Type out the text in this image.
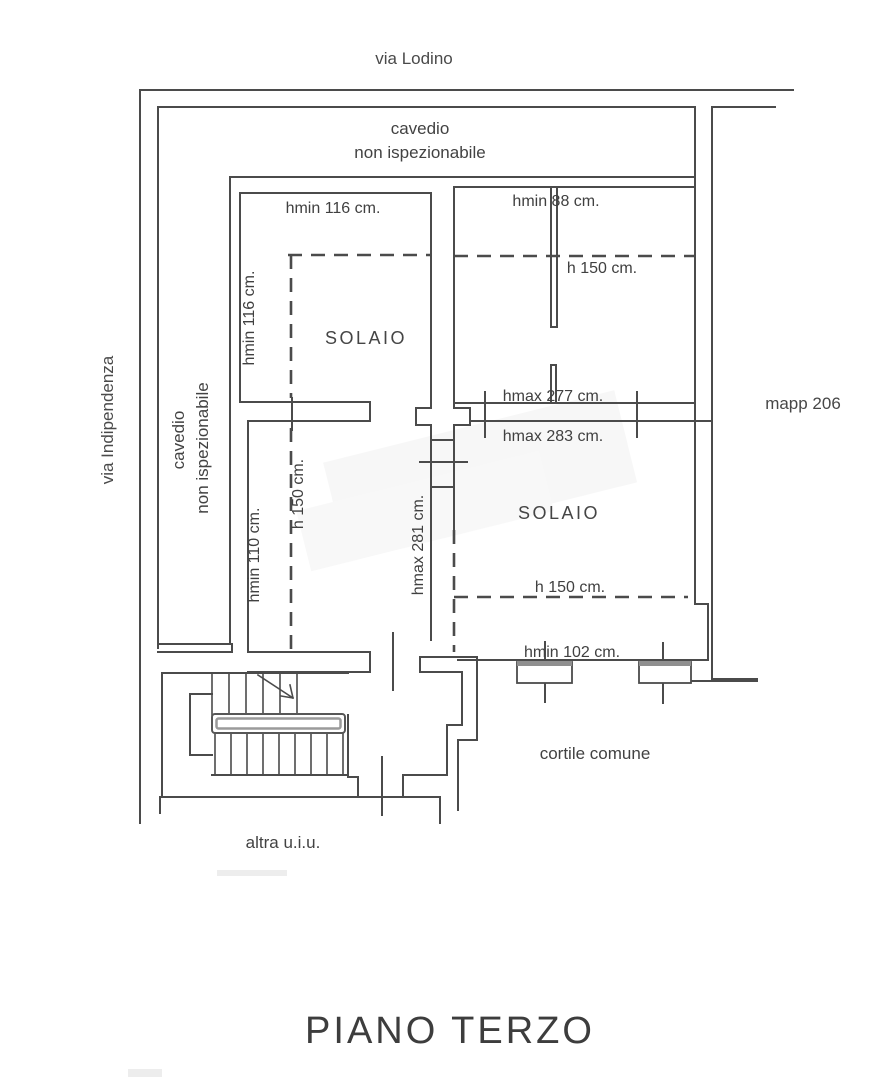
via Lodino
via Indipendenza
cavedio
non ispezionabile
cavedio non ispezionabile
SOLAIO
SOLAIO
cortile comune
altra u.i.u.
hmin 116 cm.	hmin 88 cm.
h 150 cm.
hmax 277 cm.
hmax 283 cm.
h 150 cm.
hmin 102 cm.
hmin 116 cm.
hmin 110 cm.
h 150 cm.
hmax 281 cm.
mapp 206
PIANO TERZO
